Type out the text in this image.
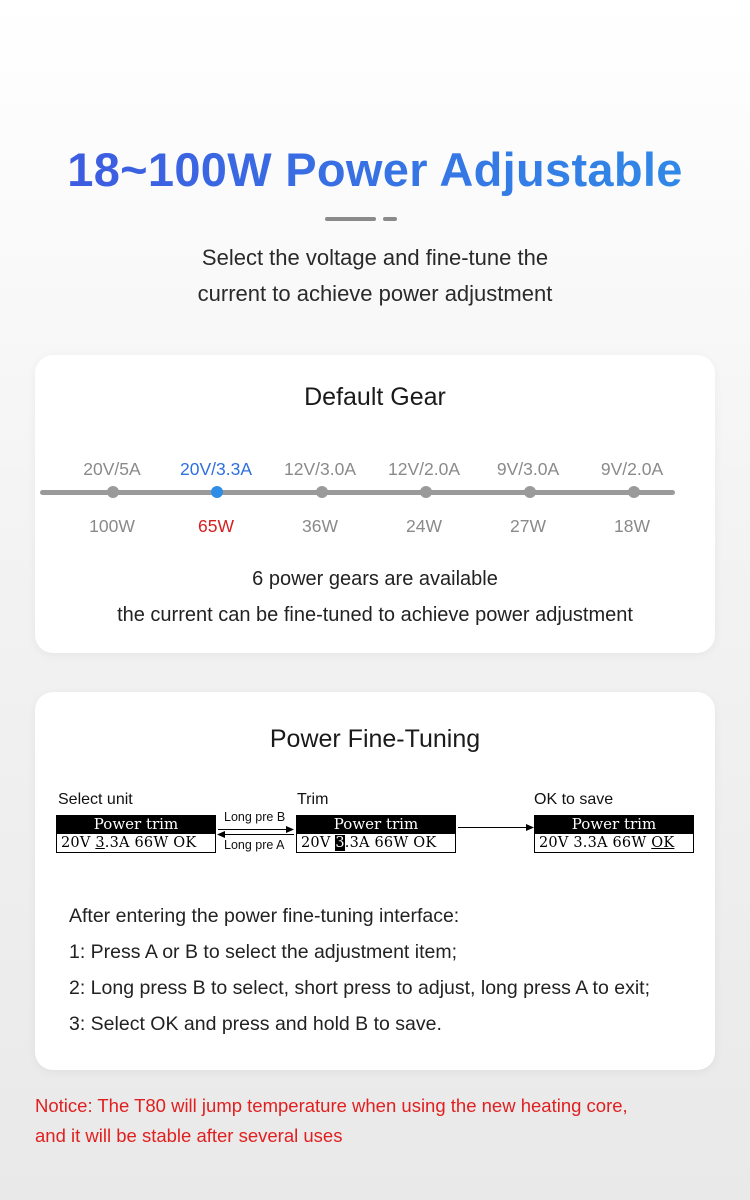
18~100W Power Adjustable
Select the voltage and fine-tune the
current to achieve power adjustment
Default Gear
20V/5A	20V/3.3A	12V/3.0A	12V/2.0A	9V/3.0A	9V/2.0A
100W	65W	36W	24W	27W	18W
6 power gears are available
the current can be fine-tuned to achieve power adjustment
Power Fine-Tuning
Select unit	Trim	OK to save
Power trim
20V 3.3A 66W OK
Long pre B
Long pre A
Power trim
20V 3.3A 66W OK
Power trim
20V 3.3A 66W OK
After entering the power fine-tuning interface:
1: Press A or B to select the adjustment item;
2: Long press B to select, short press to adjust, long press A to exit;
3: Select OK and press and hold B to save.
Notice: The T80 will jump temperature when using the new heating core,
and it will be stable after several uses
